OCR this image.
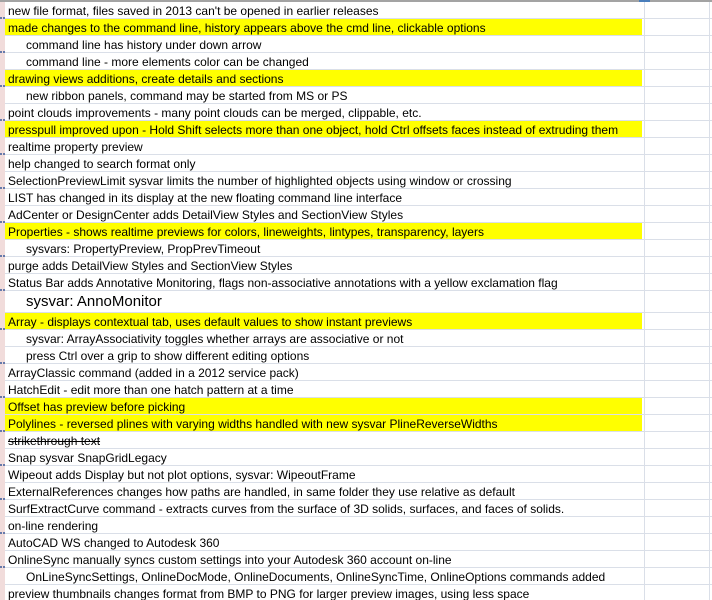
new file format, files saved in 2013 can't be opened in earlier releases
made changes to the command line, history appears above the cmd line, clickable options
command line has history under down arrow
command line - more elements color can be changed
drawing views additions, create details and sections
new ribbon panels, command may be started from MS or PS
point clouds improvements - many point clouds can be merged, clippable, etc.
presspull improved upon - Hold Shift selects more than one object, hold Ctrl offsets faces instead of extruding them
realtime property preview
help changed to search format only
SelectionPreviewLimit sysvar limits the number of highlighted objects using window or crossing
LIST has changed in its display at the new floating command line interface
AdCenter or DesignCenter adds DetailView Styles and SectionView Styles
Properties - shows realtime previews for colors, lineweights, lintypes, transparency, layers
sysvars: PropertyPreview, PropPrevTimeout
purge adds DetailView Styles and SectionView Styles
Status Bar adds Annotative Monitoring, flags non-associative annotations with a yellow exclamation flag
sysvar: AnnoMonitor
Array - displays contextual tab, uses default values to show instant previews
sysvar: ArrayAssociativity toggles whether arrays are associative or not
press Ctrl over a grip to show different editing options
ArrayClassic command (added in a 2012 service pack)
HatchEdit - edit more than one hatch pattern at a time
Offset has preview before picking
Polylines - reversed plines with varying widths handled with new sysvar PlineReverseWidths
strikethrough text
Snap sysvar SnapGridLegacy
Wipeout adds Display but not plot options, sysvar: WipeoutFrame
ExternalReferences changes how paths are handled, in same folder they use relative as default
SurfExtractCurve command - extracts curves from the surface of 3D solids, surfaces, and faces of solids.
on-line rendering
AutoCAD WS changed to Autodesk 360
OnlineSync manually syncs custom settings into your Autodesk 360 account on-line
OnLineSyncSettings, OnlineDocMode, OnlineDocuments, OnlineSyncTime, OnlineOptions commands added
preview thumbnails changes format from BMP to PNG for larger preview images, using less space
